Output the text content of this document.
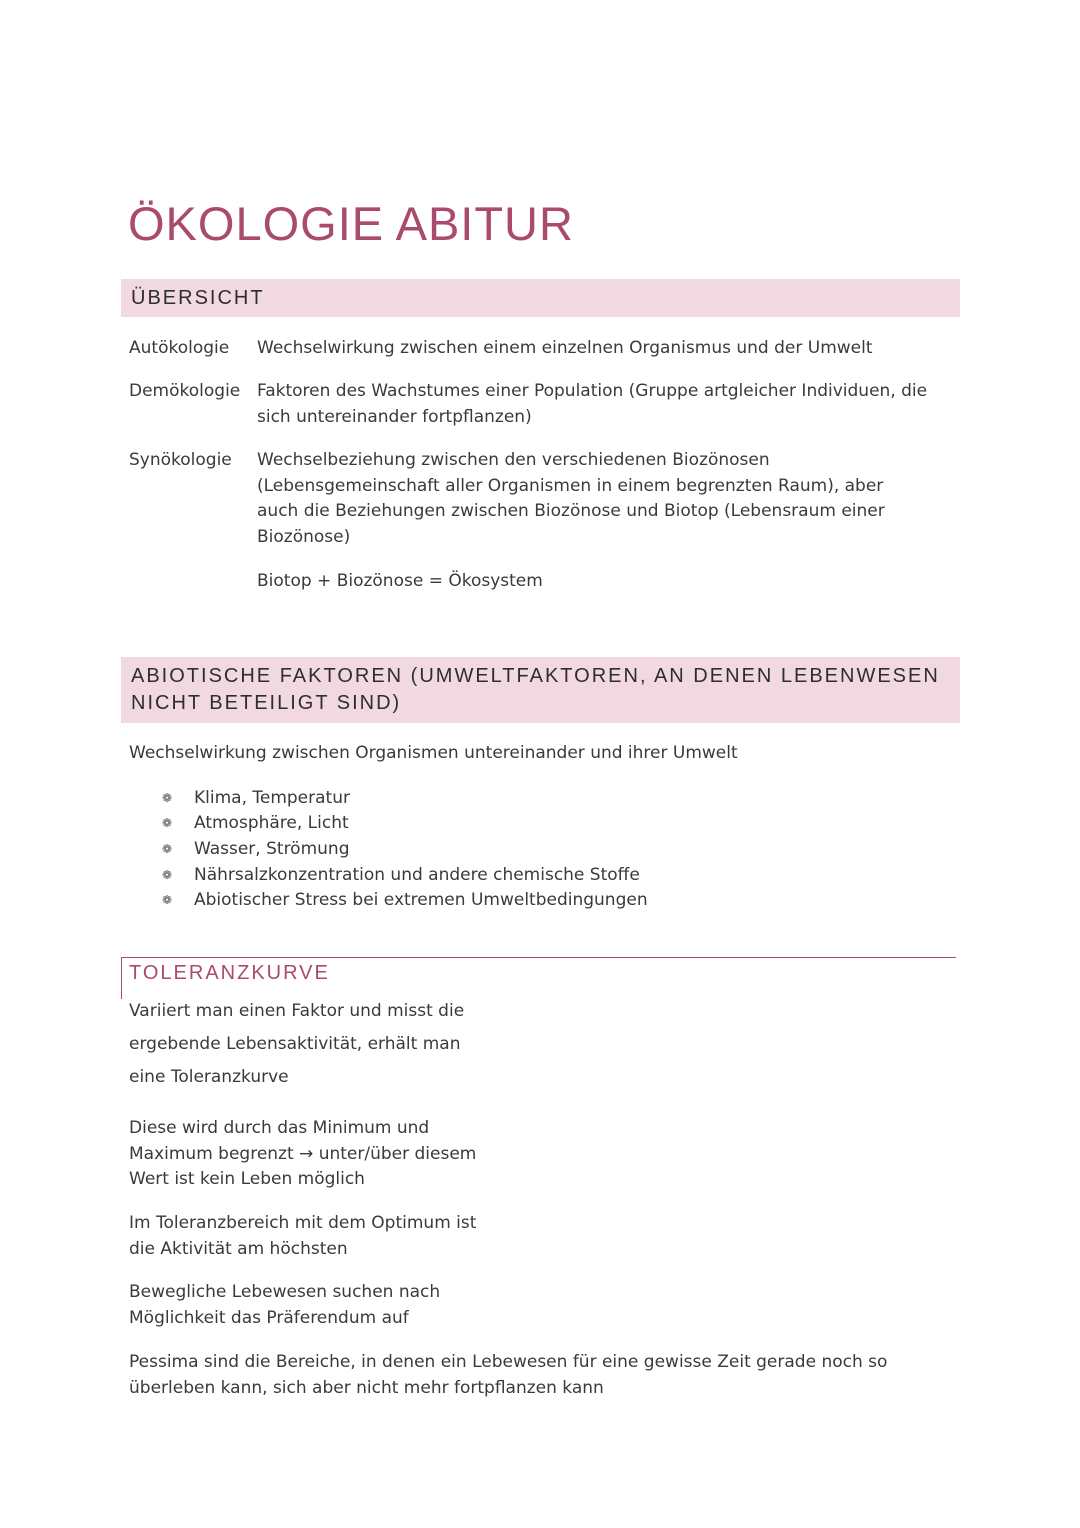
ÖKOLOGIE ABITUR
ÜBERSICHT

Autökologie Wechselwirkung zwischen einem einzelnen Organismus und der Umwelt

Demökologie Faktoren des Wachstumes einer Population (Gruppe artgleicher Individuen, die sich untereinander fortpflanzen)

Synökologie Wechselbeziehung zwischen den verschiedenen Biozönosen (Lebensgemeinschaft aller Organismen in einem begrenzten Raum), aber auch die Beziehungen zwischen Biozönose und Biotop (Lebensraum einer Biozönose)

Biotop + Biozönose = Ökosystem

ABIOTISCHE FAKTOREN (UMWELTFAKTOREN, AN DENEN LEBENWESEN NICHT BETEILIGT SIND)

Wechselwirkung zwischen Organismen untereinander und ihrer Umwelt

❁ Klima, Temperatur
❁ Atmosphäre, Licht
❁ Wasser, Strömung
❁ Nährsalzkonzentration und andere chemische Stoffe
❁ Abiotischer Stress bei extremen Umweltbedingungen
TOLERANZKURVE

Variiert man einen Faktor und misst die
ergebende Lebensaktivität, erhält man
eine Toleranzkurve

Diese wird durch das Minimum und
Maximum begrenzt → unter/über diesem
Wert ist kein Leben möglich

Im Toleranzbereich mit dem Optimum ist
die Aktivität am höchsten

Bewegliche Lebewesen suchen nach
Möglichkeit das Präferendum auf

Pessima sind die Bereiche, in denen ein Lebewesen für eine gewisse Zeit gerade noch so überleben kann, sich aber nicht mehr fortpflanzen kann
